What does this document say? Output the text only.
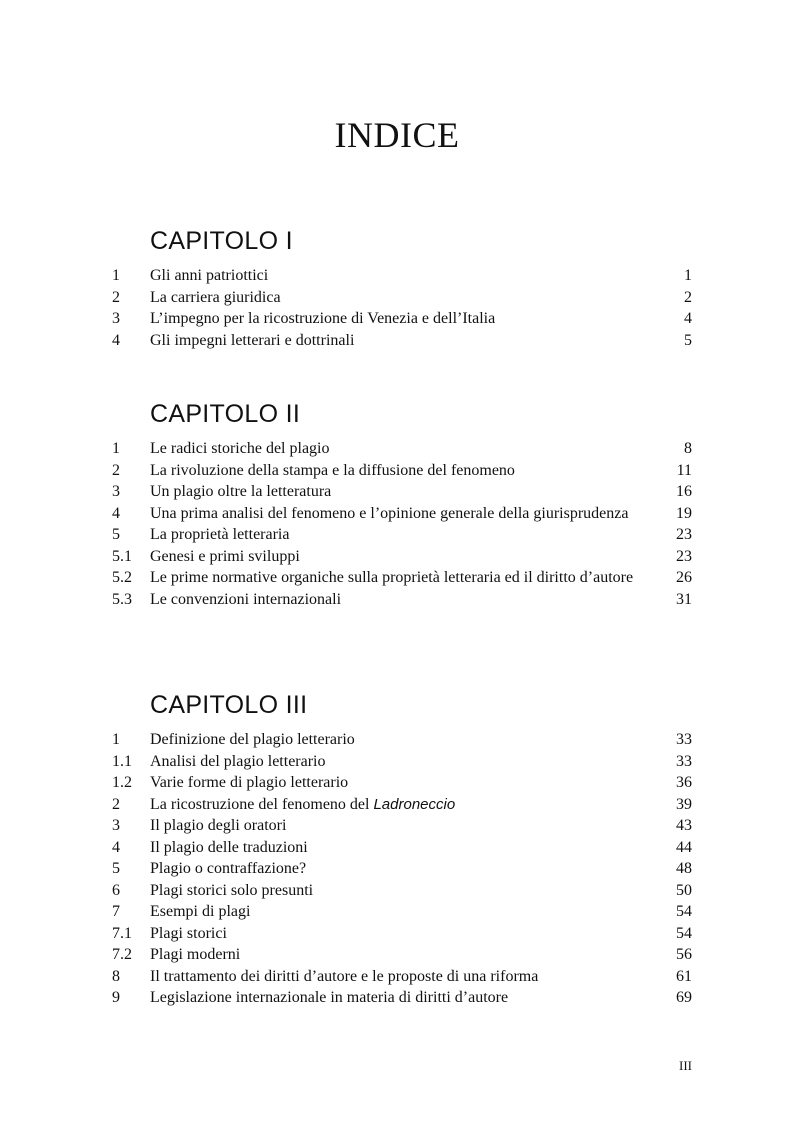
INDICE
CAPITOLO I
1	Gli anni patriottici	1
2	La carriera giuridica	2
3	L’impegno per la ricostruzione di Venezia e dell’Italia	4
4	Gli impegni letterari e dottrinali	5
CAPITOLO II
1	Le radici storiche del plagio	8
2	La rivoluzione della stampa e la diffusione del fenomeno	11
3	Un plagio oltre la letteratura	16
4	Una prima analisi del fenomeno e l’opinione generale della giurisprudenza	19
5	La proprietà letteraria	23
5.1	Genesi e primi sviluppi	23
5.2	Le prime normative organiche sulla proprietà letteraria ed il diritto d’autore	26
5.3	Le convenzioni internazionali	31
CAPITOLO III
1	Definizione del plagio letterario	33
1.1	Analisi del plagio letterario	33
1.2	Varie forme di plagio letterario	36
2	La ricostruzione del fenomeno del Ladroneccio	39
3	Il plagio degli oratori	43
4	Il plagio delle traduzioni	44
5	Plagio o contraffazione?	48
6	Plagi storici solo presunti	50
7	Esempi di plagi	54
7.1	Plagi storici	54
7.2	Plagi moderni	56
8	Il trattamento dei diritti d’autore e le proposte di una riforma	61
9	Legislazione internazionale in materia di diritti d’autore	69
III
